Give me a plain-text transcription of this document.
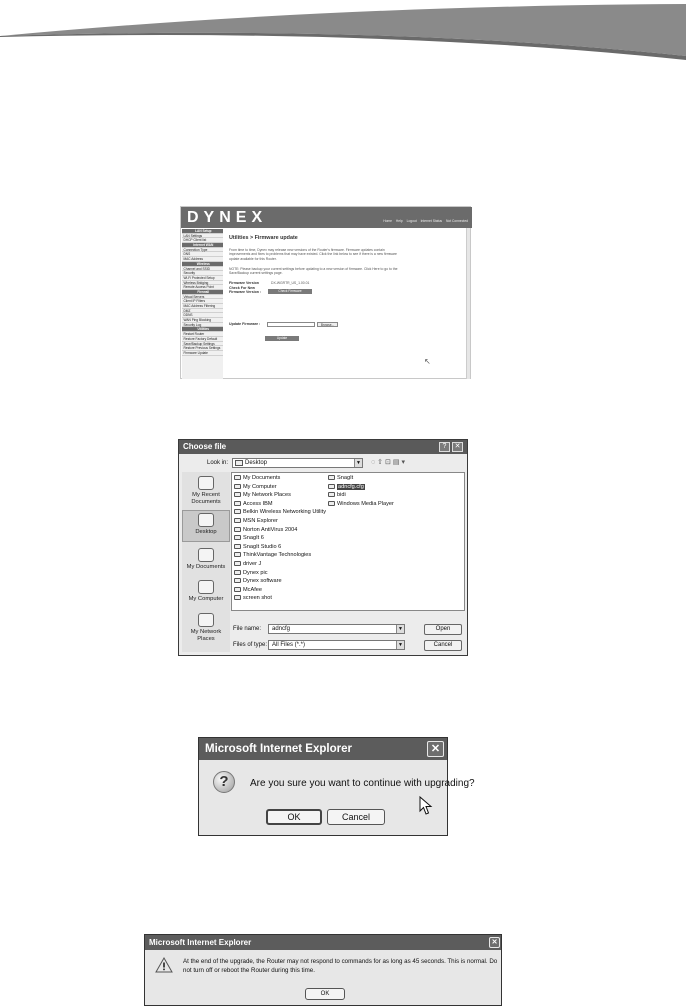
DYNEX	Home Help Logout Internet Status Not Connected
LAN Setup
LAN Settings
DHCP Client list
Internet WAN
Connection Type
DNS
MAC Address
Wireless
Channel and SSID
Security
Wi-Fi Protected Setup
Wireless Bridging
Remote Access Point
Firewall
Virtual Servers
Client IP Filters
MAC Address Filtering
DMZ
DDNS
WAN Ping Blocking
Security Log
Utilities
Restart Router
Restore Factory Default
Save/Backup Settings
Restore Previous Settings
Firmware Update
Utilities > Firmware update
From time to time, Dynex may release new versions of the Router's firmware. Firmware updates contain improvements and fixes to problems that may have existed. Click the link below to see if there is a new firmware update available for this Router.
NOTE: Please backup your current settings before updating to a new version of firmware. Click Here to go to the Save/Backup current settings page.
Firmware Version	DX-WGRTR_US_1.00.01
Check For New Firmware Version :	Check Firmware
Update Firmware :	Browse...
Update
↖
Choose file	?	✕
Look in:	Desktop	▼ ◌⇧⊡▤▾
My Recent Documents
Desktop
My Documents
My Computer
My Network Places
My Documents
My Computer
My Network Places
Access IBM
Belkin Wireless Networking Utility
MSN Explorer
Norton AntiVirus 2004
SnagIt 6
SnagIt Studio 6
ThinkVantage Technologies
driver J
Dynex pic
Dynex software
McAfee
screen shot
SnagIt
adncfg.cfg
bidi
Windows Media Player
File name:	adncfg	▼
Files of type: All Files (*.*)	▼
Open
Cancel
Microsoft Internet Explorer	✕
?	Are you sure you want to continue with upgrading?
OK	Cancel
Microsoft Internet Explorer	✕
At the end of the upgrade, the Router may not respond to commands for as long as 45 seconds. This is normal. Do not turn off or reboot the Router during this time.
OK
